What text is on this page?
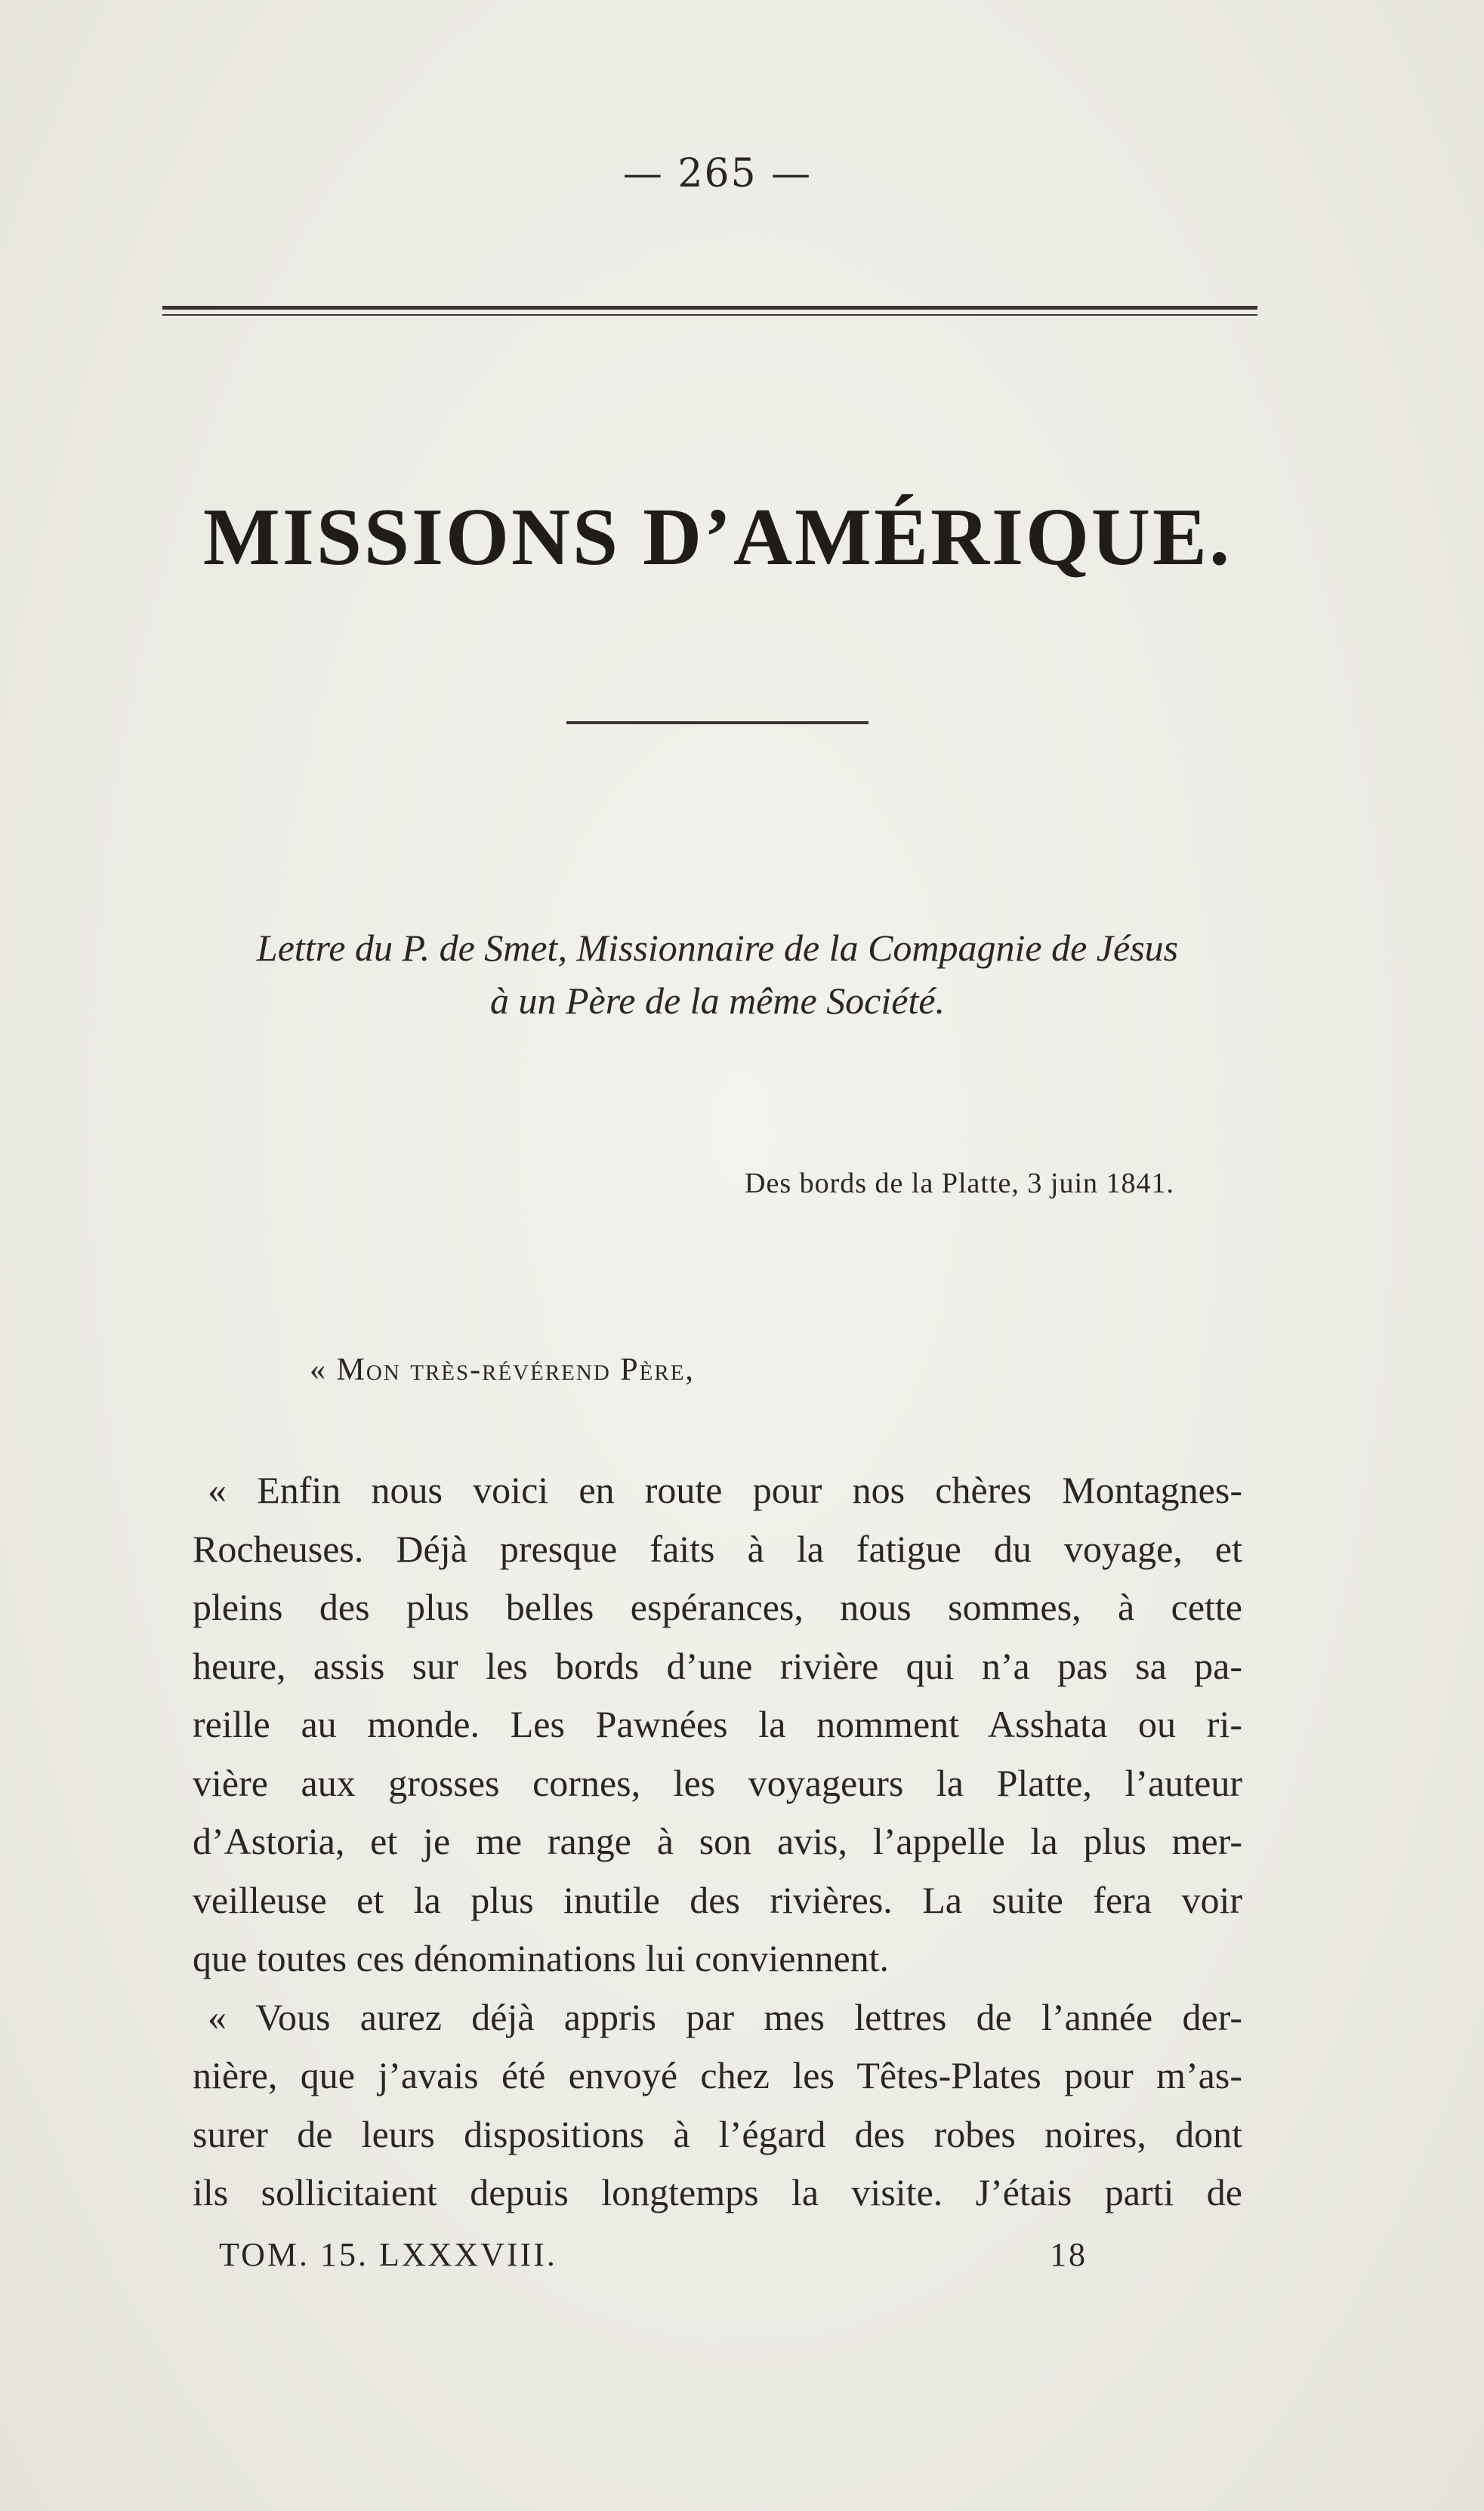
— 265 —
MISSIONS D’AMÉRIQUE.
Lettre du P. de Smet, Missionnaire de la Compagnie de Jésus
à un Père de la même Société.
Des bords de la Platte, 3 juin 1841.
« Mon très-révérend Père,
« Enfin nous voici en route pour nos chères Montagnes-
Rocheuses. Déjà presque faits à la fatigue du voyage, et
pleins des plus belles espérances, nous sommes, à cette
heure, assis sur les bords d’une rivière qui n’a pas sa pa-
reille au monde. Les Pawnées la nomment Asshata ou ri-
vière aux grosses cornes, les voyageurs la Platte, l’auteur
d’Astoria, et je me range à son avis, l’appelle la plus mer-
veilleuse et la plus inutile des rivières. La suite fera voir
que toutes ces dénominations lui conviennent.
« Vous aurez déjà appris par mes lettres de l’année der-
nière, que j’avais été envoyé chez les Têtes-Plates pour m’as-
surer de leurs dispositions à l’égard des robes noires, dont
ils sollicitaient depuis longtemps la visite. J’étais parti de
TOM. 15. LXXXVIII.	18
